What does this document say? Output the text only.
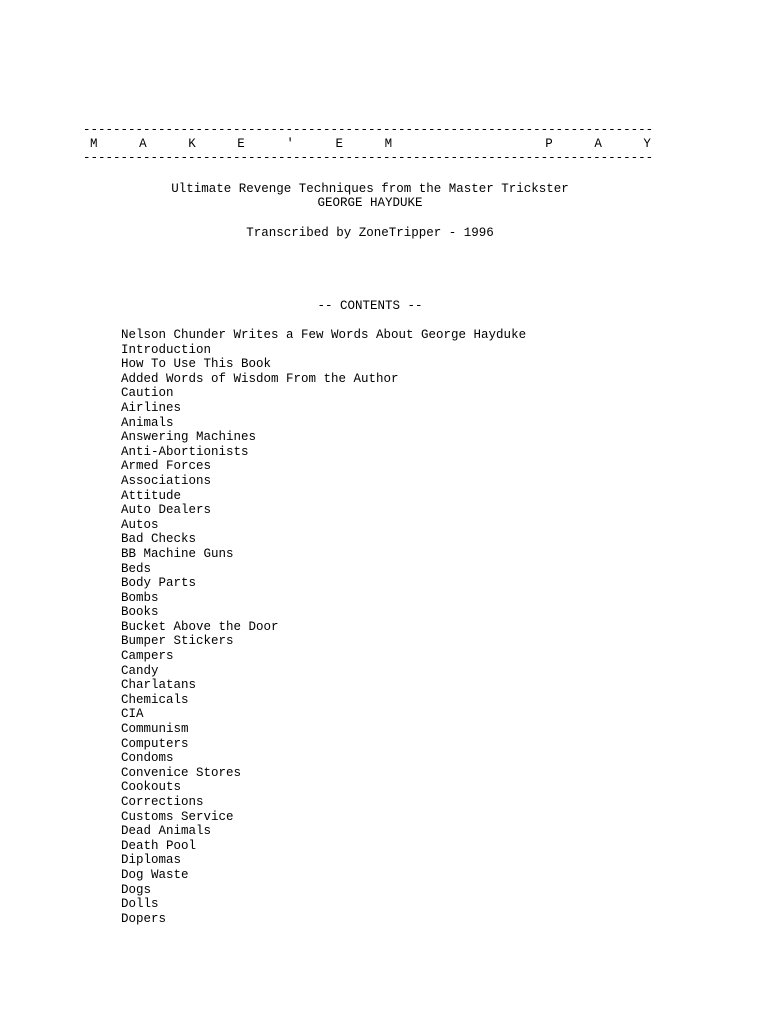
----------------------------------------------------------------------------
M	A	K	E	'	E	M	P	A	Y
----------------------------------------------------------------------------
Ultimate Revenge Techniques from the Master Trickster
GEORGE HAYDUKE
Transcribed by ZoneTripper - 1996
-- CONTENTS --
Nelson Chunder Writes a Few Words About George Hayduke
Introduction
How To Use This Book
Added Words of Wisdom From the Author
Caution
Airlines
Animals
Answering Machines
Anti-Abortionists
Armed Forces
Associations
Attitude
Auto Dealers
Autos
Bad Checks
BB Machine Guns
Beds
Body Parts
Bombs
Books
Bucket Above the Door
Bumper Stickers
Campers
Candy
Charlatans
Chemicals
CIA
Communism
Computers
Condoms
Convenice Stores
Cookouts
Corrections
Customs Service
Dead Animals
Death Pool
Diplomas
Dog Waste
Dogs
Dolls
Dopers
